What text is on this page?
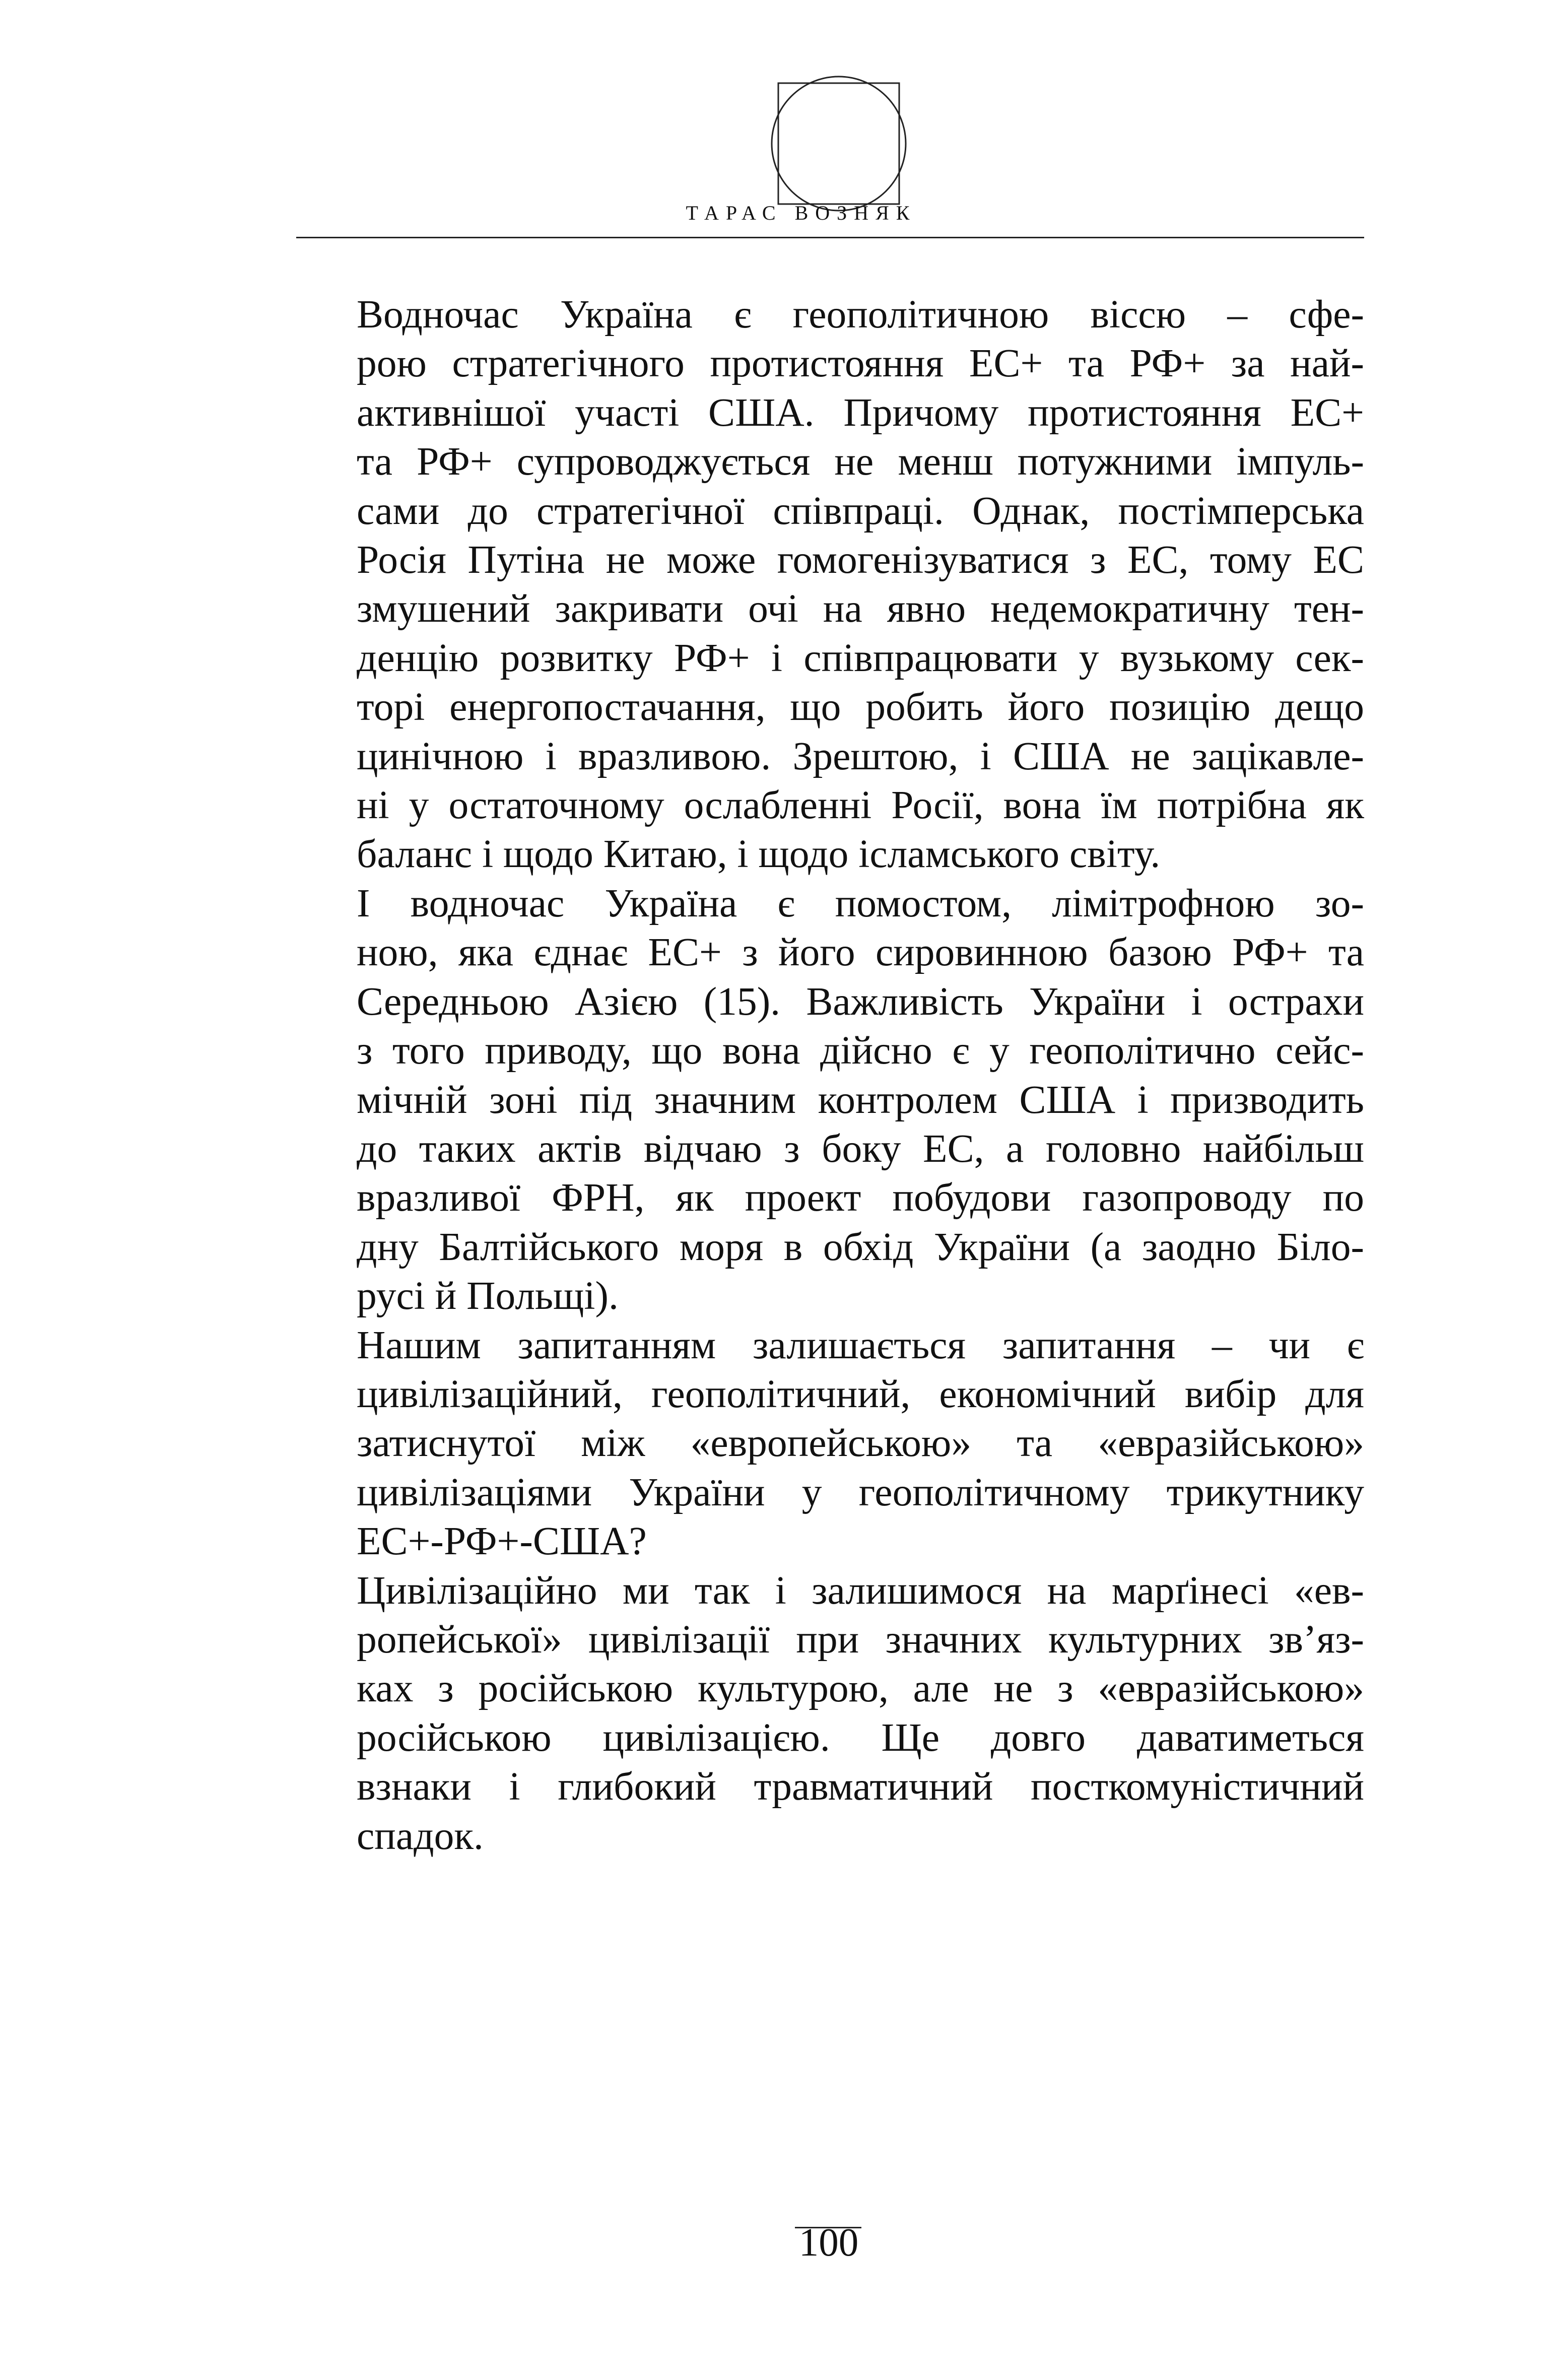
ТАРАС ВОЗНЯК
Водночас Україна є геополітичною віссю – сфе-
рою стратегічного протистояння ЕС+ та РФ+ за най-
активнішої участі США. Причому протистояння ЕС+
та РФ+ супроводжується не менш потужними імпуль-
сами до стратегічної співпраці. Однак, постімперська
Росія Путіна не може гомогенізуватися з ЕС, тому ЕС
змушений закривати очі на явно недемократичну тен-
денцію розвитку РФ+ і співпрацювати у вузькому сек-
торі енергопостачання, що робить його позицію дещо
цинічною і вразливою. Зрештою, і США не зацікавле-
ні у остаточному ослабленні Росії, вона їм потрібна як
баланс і щодо Китаю, і щодо ісламського світу.
І водночас Україна є помостом, лімітрофною зо-
ною, яка єднає ЕС+ з його сировинною базою РФ+ та
Середньою Азією (15). Важливість України і острахи
з того приводу, що вона дійсно є у геополітично сейс-
мічній зоні під значним контролем США і призводить
до таких актів відчаю з боку ЕС, а головно найбільш
вразливої ФРН, як проект побудови газопроводу по
дну Балтійського моря в обхід України (а заодно Біло-
русі й Польщі).
Нашим запитанням залишається запитання – чи є
цивілізаційний, геополітичний, економічний вибір для
затиснутої між «европейською» та «евразійською»
цивілізаціями України у геополітичному трикутнику
ЕС+-РФ+-США?
Цивілізаційно ми так і залишимося на марґінесі «ев-
ропейської» цивілізації при значних культурних зв’яз-
ках з російською культурою, але не з «евразійською»
російською цивілізацією. Ще довго даватиметься
взнаки і глибокий травматичний посткомуністичний
спадок.
100
